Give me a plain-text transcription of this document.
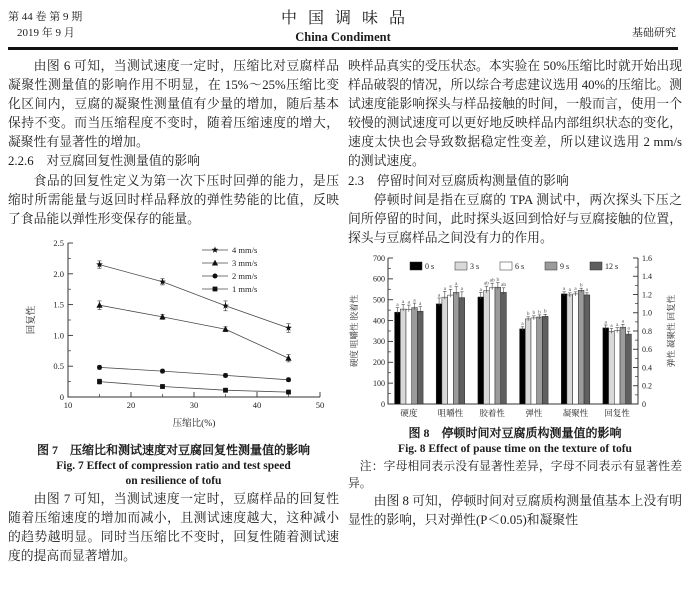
第 44 卷 第 9 期
2019 年 9 月
中国调味品
China Condiment	基础研究

由图 6 可知，当测试速度一定时，压缩比对豆腐样品凝聚性测量值的影响作用不明显，在 15%～25%压缩比变化区间内，豆腐的凝聚性测量值有少量的增加，随后基本保持不变。而当压缩程度不变时，随着压缩速度的增大，凝聚性有显著性的增加。

2.2.6　对豆腐回复性测量值的影响

食品的回复性定义为第一次下压时回弹的能力，是压缩时所需能量与返回时样品释放的弹性势能的比值，反映了食品能以弹性形变保存的能量。

0
0.5
1.0
1.5
2.0
2.5
10	20	30	40	50
4 mm/s
3 mm/s
2 mm/s
1 mm/s
压缩比(%)
回复性

图 7　压缩比和测试速度对豆腐回复性测量值的影响

Fig. 7 Effect of compression ratio and test speed

on resilience of tofu

由图 7 可知，当测试速度一定时，豆腐样品的回复性随着压缩速度的增加而减小，且测试速度越大，这种减小的趋势越明显。同时当压缩比不变时，回复性随着测试速度的提高而显著增加。

映样品真实的受压状态。本实验在 50%压缩比时就开始出现样品破裂的情况，所以综合考虑建议选用 40%的压缩比。测试速度能影响探头与样品接触的时间，一般而言，使用一个较慢的测试速度可以更好地反映样品内部组织状态的变化，速度太快也会导致数据稳定性变差，所以建议选用 2 mm/s 的测试速度。

2.3　停留时间对豆腐质构测量值的影响

停顿时间是指在豆腐的 TPA 测试中，两次探头下压之间所停留的时间，此时探头返回到恰好与豆腐接触的位置，探头与豆腐样品之间没有力的作用。

0
100
200
300
400
500
600
700
0
0.2
0.4
0.6
0.8
1.0
1.2
1.4
1.6
a
a a a
a
硬度
a
a a a
a
咀嚼性
a
ab ab b
ab
胶着性
a
b b b b
弹性
a a a
b
a
凝聚性
a
a a
a
a
回复性
0 s	3 s	6 s	9 s	12 s
硬度 咀嚼性 胶着性	弹性 凝聚性 回复性

图 8　停顿时间对豆腐质构测量值的影响

Fig. 8 Effect of pause time on the texture of tofu

注：字母相同表示没有显著性差异，字母不同表示有显著性差异。

由图 8 可知，停顿时间对豆腐质构测量值基本上没有明显性的影响，只对弹性(P＜0.05)和凝聚性
